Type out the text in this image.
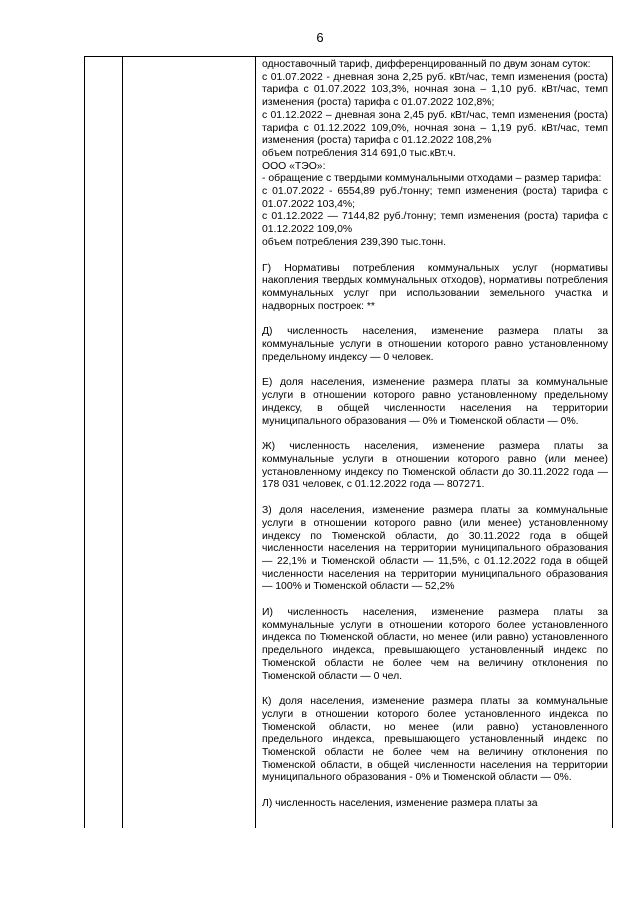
6

одноставочный тариф, дифференцированный по двум зонам суток:

с 01.07.2022 - дневная зона 2,25 руб. кВт/час, темп изменения (роста) тарифа с 01.07.2022 103,3%, ночная зона – 1,10 руб. кВт/час, темп изменения (роста) тарифа с 01.07.2022 102,8%;

с 01.12.2022 – дневная зона 2,45 руб. кВт/час, темп изменения (роста) тарифа с 01.12.2022 109,0%, ночная зона – 1,19 руб. кВт/час, темп изменения (роста) тарифа с 01.12.2022 108,2%

объем потребления 314 691,0 тыс.кВт.ч.

ООО «ТЭО»:

- обращение с твердыми коммунальными отходами – размер тарифа:

с 01.07.2022 - 6554,89 руб./тонну; темп изменения (роста) тарифа с 01.07.2022 103,4%;

с 01.12.2022 — 7144,82 руб./тонну; темп изменения (роста) тарифа с 01.12.2022 109,0%

объем потребления 239,390 тыс.тонн.

Г) Нормативы потребления коммунальных услуг (нормативы накопления твердых коммунальных отходов), нормативы потребления коммунальных услуг при использовании земельного участка и надворных построек: **

Д) численность населения, изменение размера платы за коммунальные услуги в отношении которого равно установленному предельному индексу — 0 человек.

Е) доля населения, изменение размера платы за коммунальные услуги в отношении которого равно установленному предельному индексу, в общей численности населения на территории муниципального образования — 0% и Тюменской области — 0%.

Ж) численность населения, изменение размера платы за коммунальные услуги в отношении которого равно (или менее) установленному индексу по Тюменской области до 30.11.2022 года — 178 031 человек, с 01.12.2022 года — 807271.

З) доля населения, изменение размера платы за коммунальные услуги в отношении которого равно (или менее) установленному индексу по Тюменской области, до 30.11.2022 года в общей численности населения на территории муниципального образования — 22,1% и Тюменской области — 11,5%, с 01.12.2022 года в общей численности населения на территории муниципального образования — 100% и Тюменской области — 52,2%

И) численность населения, изменение размера платы за коммунальные услуги в отношении которого более установленного индекса по Тюменской области, но менее (или равно) установленного предельного индекса, превышающего установленный индекс по Тюменской области не более чем на величину отклонения по Тюменской области — 0 чел.

К) доля населения, изменение размера платы за коммунальные услуги в отношении которого более установленного индекса по Тюменской области, но менее (или равно) установленного предельного индекса, превышающего установленный индекс по Тюменской области не более чем на величину отклонения по Тюменской области, в общей численности населения на территории муниципального образования - 0% и Тюменской области — 0%.

Л) численность населения, изменение размера платы за
